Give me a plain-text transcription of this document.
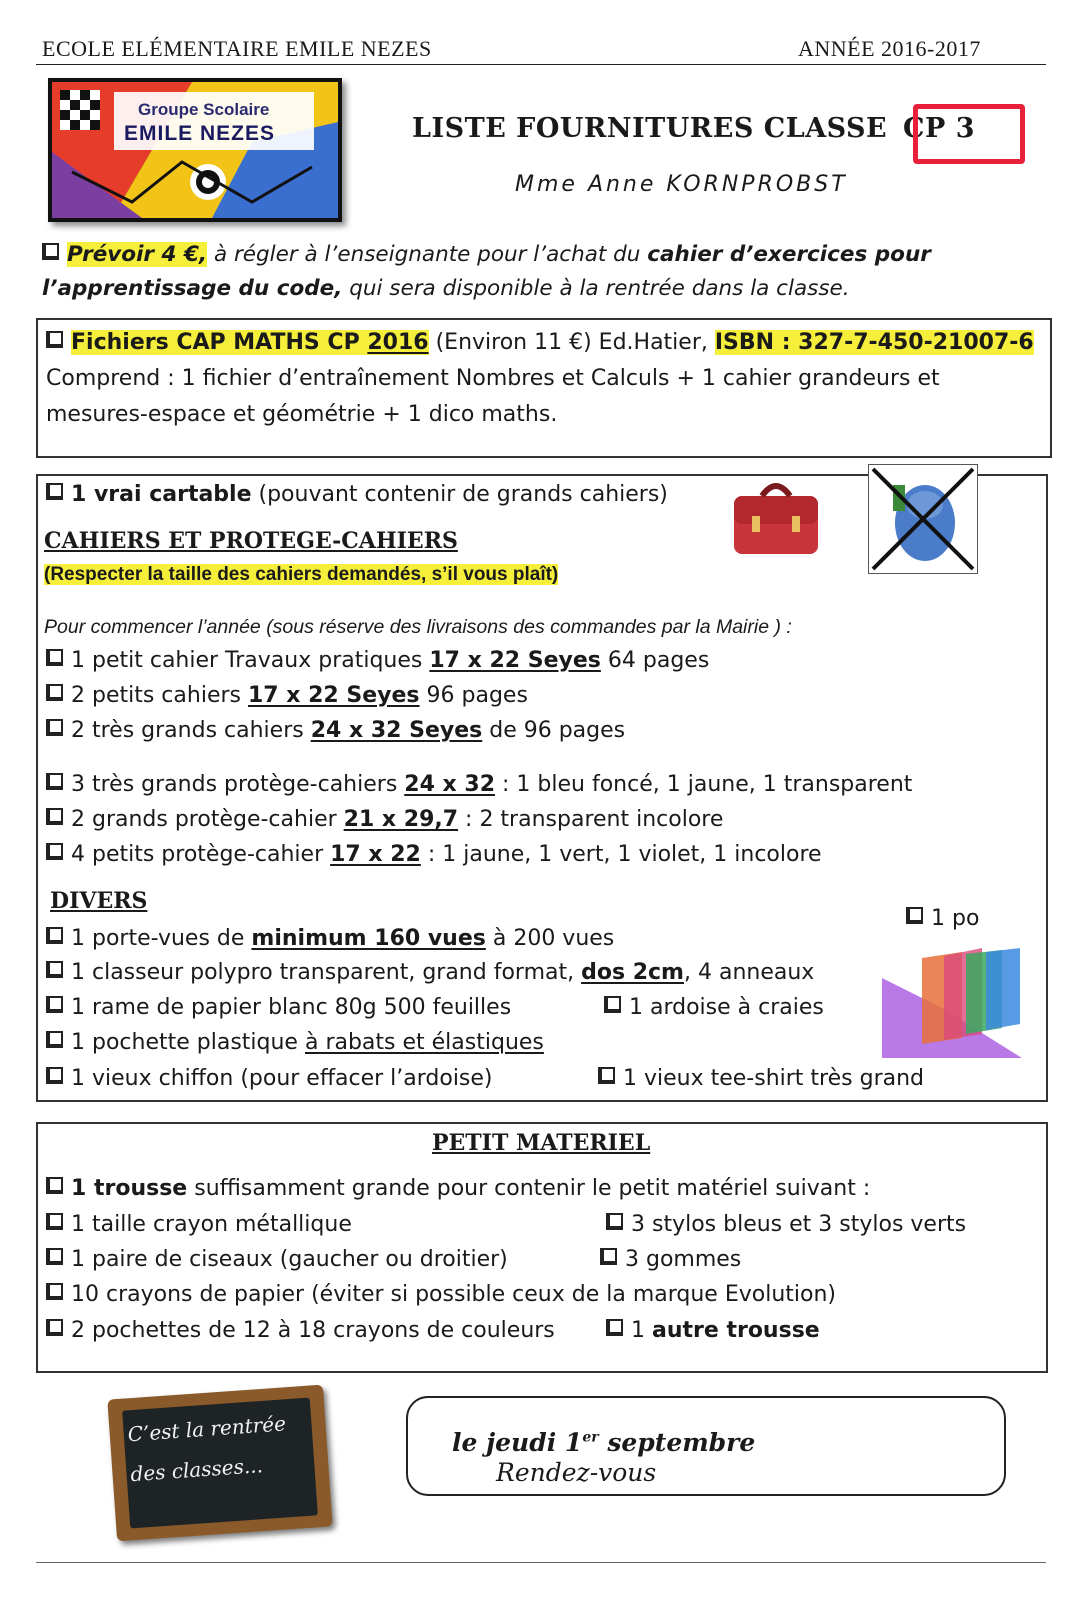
ECOLE ELÉMENTAIRE EMILE NEZES	ANNÉE 2016-2017
Groupe Scolaire
EMILE NEZES	LISTE FOURNITURES CLASSE CP 3
Mme Anne KORNPROBST
Prévoir 4 €, à régler à l’enseignante pour l’achat du cahier d’exercices pour l’apprentissage du code, qui sera disponible à la rentrée dans la classe.
Fichiers CAP MATHS CP 2016 (Environ 11 €) Ed.Hatier, ISBN : 327-7-450-21007-6
Comprend : 1 fichier d’entraînement Nombres et Calculs + 1 cahier grandeurs et
mesures-espace et géométrie + 1 dico maths.
1 vrai cartable (pouvant contenir de grands cahiers)
CAHIERS ET PROTEGE-CAHIERS
(Respecter la taille des cahiers demandés, s’il vous plaît)
Pour commencer l’année (sous réserve des livraisons des commandes par la Mairie ) :
1 petit cahier Travaux pratiques 17 x 22 Seyes 64 pages
2 petits cahiers 17 x 22 Seyes 96 pages
2 très grands cahiers 24 x 32 Seyes de 96 pages
3 très grands protège-cahiers 24 x 32 : 1 bleu foncé, 1 jaune, 1 transparent
2 grands protège-cahier 21 x 29,7 : 2 transparent incolore
4 petits protège-cahier 17 x 22 : 1 jaune, 1 vert, 1 violet, 1 incolore
DIVERS
1 po
1 porte-vues de minimum 160 vues à 200 vues
1 classeur polypro transparent, grand format, dos 2cm, 4 anneaux
1 rame de papier blanc 80g 500 feuilles	1 ardoise à craies
1 pochette plastique à rabats et élastiques
1 vieux chiffon (pour effacer l’ardoise)	1 vieux tee-shirt très grand
PETIT MATERIEL
1 trousse suffisamment grande pour contenir le petit matériel suivant :
1 taille crayon métallique	3 stylos bleus et 3 stylos verts
1 paire de ciseaux (gaucher ou droitier)	3 gommes
10 crayons de papier (éviter si possible ceux de la marque Evolution)
2 pochettes de 12 à 18 crayons de couleurs	1 autre trousse
C’est la rentrée des classes...	Rendez-vous
le jeudi 1er septembre
